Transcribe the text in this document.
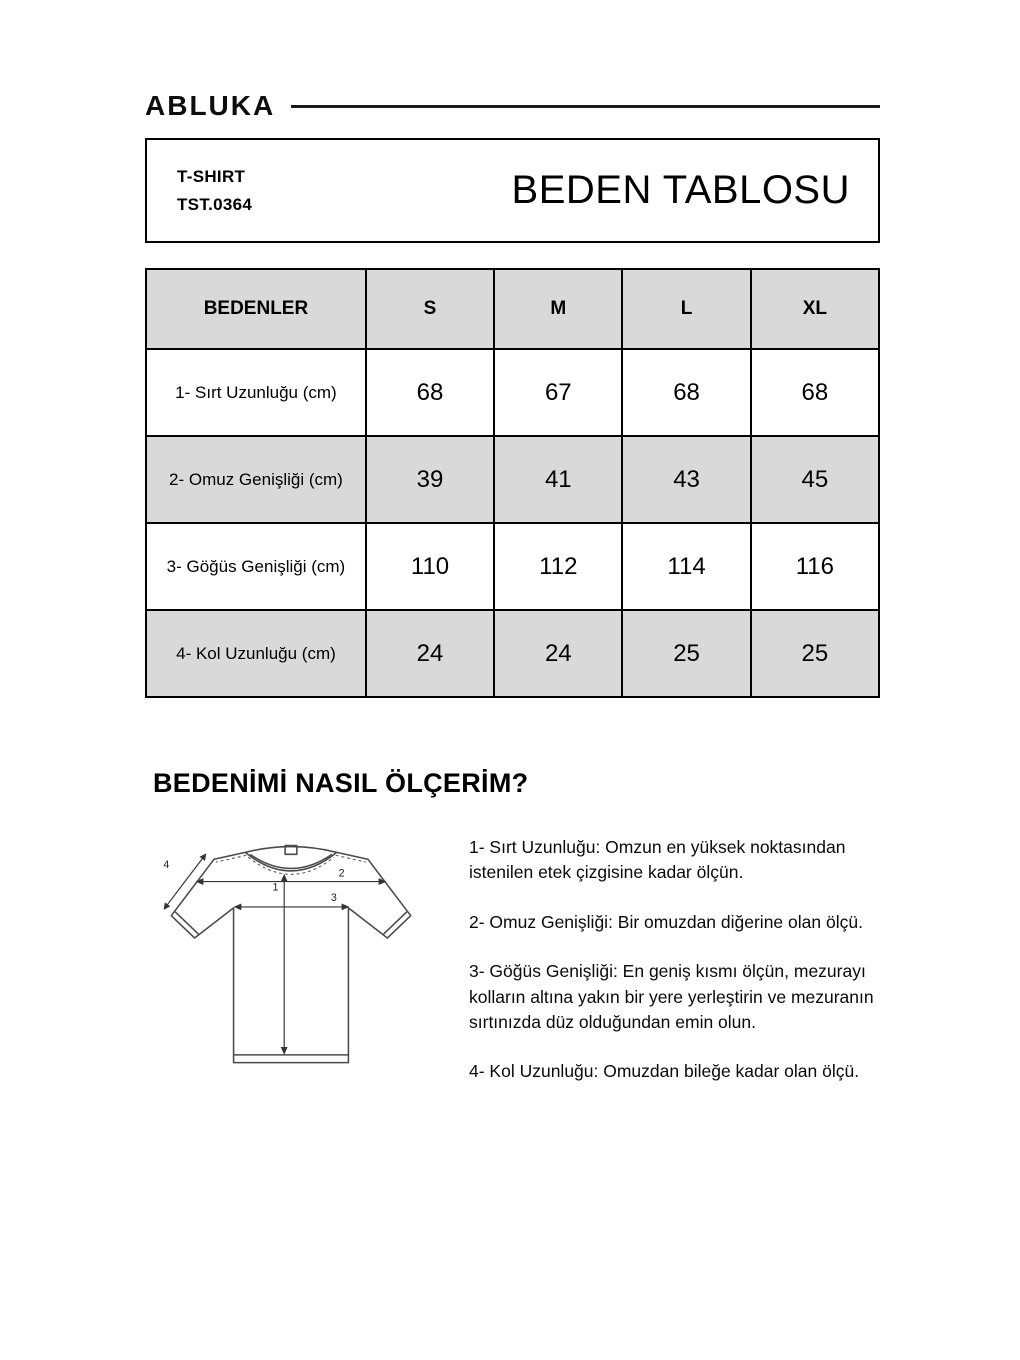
ABLUKA
T-SHIRT
TST.0364	BEDEN TABLOSU
BEDENLER	S	M	L	XL
1- Sırt Uzunluğu (cm)	68	67	68	68
2- Omuz Genişliği (cm)	39	41	43	45
3- Göğüs Genişliği (cm)	110	112	114	116
4- Kol Uzunluğu (cm)	24	24	25	25
BEDENİMİ NASIL ÖLÇERİM?
1
2
3
4

1- Sırt Uzunluğu: Omzun en yüksek noktasından istenilen etek çizgisine kadar ölçün.

2- Omuz Genişliği: Bir omuzdan diğerine olan ölçü.

3- Göğüs Genişliği: En geniş kısmı ölçün, mezurayı kolların altına yakın bir yere yerleştirin ve mezuranın sırtınızda düz olduğundan emin olun.

4- Kol Uzunluğu: Omuzdan bileğe kadar olan ölçü.
